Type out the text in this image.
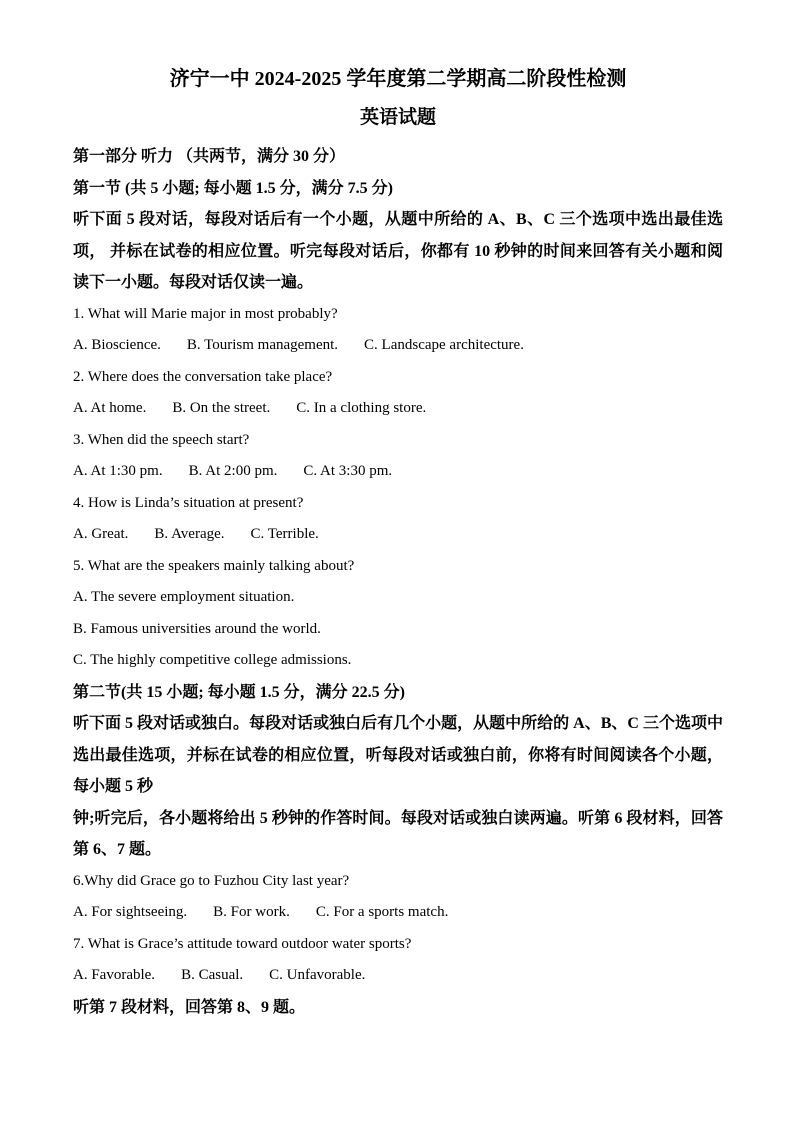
济宁一中 2024-2025 学年度第二学期高二阶段性检测
英语试题

第一部分 听力 （共两节，满分 30 分）

第一节 (共 5 小题; 每小题 1.5 分，满分 7.5 分)

听下面 5 段对话，每段对话后有一个小题，从题中所给的 A、B、C 三个选项中选出最佳选项， 并标在试卷的相应位置。听完每段对话后，你都有 10 秒钟的时间来回答有关小题和阅读下一小题。每段对话仅读一遍。

1. What will Marie major in most probably?

A. Bioscience. B. Tourism management. C. Landscape architecture.

2. Where does the conversation take place?

A. At home. B. On the street. C. In a clothing store.

3. When did the speech start?

A. At 1:30 pm. B. At 2:00 pm. C. At 3:30 pm.

4. How is Linda’s situation at present?

A. Great. B. Average. C. Terrible.

5. What are the speakers mainly talking about?

A. The severe employment situation.

B. Famous universities around the world.

C. The highly competitive college admissions.

第二节(共 15 小题; 每小题 1.5 分，满分 22.5 分)

听下面 5 段对话或独白。每段对话或独白后有几个小题，从题中所给的 A、B、C 三个选项中选出最佳选项，并标在试卷的相应位置，听每段对话或独白前，你将有时间阅读各个小题，每小题 5 秒

钟;听完后，各小题将给出 5 秒钟的作答时间。每段对话或独白读两遍。听第 6 段材料，回答第 6、7 题。

6.Why did Grace go to Fuzhou City last year?

A. For sightseeing. B. For work. C. For a sports match.

7. What is Grace’s attitude toward outdoor water sports?

A. Favorable. B. Casual. C. Unfavorable.

听第 7 段材料，回答第 8、9 题。
